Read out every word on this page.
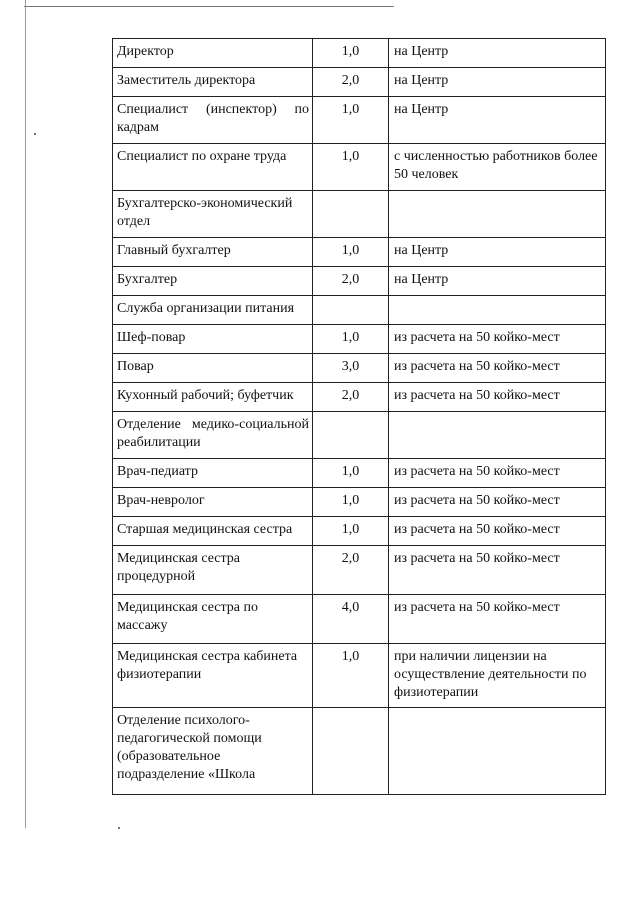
Директор	1,0	на Центр
Заместитель директора	2,0	на Центр
Специалист (инспектор) по кадрам	1,0	на Центр
Специалист по охране труда	1,0	с численностью работников более 50 человек
Бухгалтерско-экономический отдел		
Главный бухгалтер	1,0	на Центр
Бухгалтер	2,0	на Центр
Служба организации питания		
Шеф-повар	1,0	из расчета на 50 койко-мест
Повар	3,0	из расчета на 50 койко-мест
Кухонный рабочий; буфетчик	2,0	из расчета на 50 койко-мест
Отделение медико-социальной реабилитации		
Врач-педиатр	1,0	из расчета на 50 койко-мест
Врач-невролог	1,0	из расчета на 50 койко-мест
Старшая медицинская сестра	1,0	из расчета на 50 койко-мест
Медицинская сестра процедурной	2,0	из расчета на 50 койко-мест
Медицинская сестра по массажу	4,0	из расчета на 50 койко-мест
Медицинская сестра кабинета физиотерапии	1,0	при наличии лицензии на осуществление деятельности по физиотерапии
Отделение психолого-педагогической помощи (образовательное подразделение «Школа		
